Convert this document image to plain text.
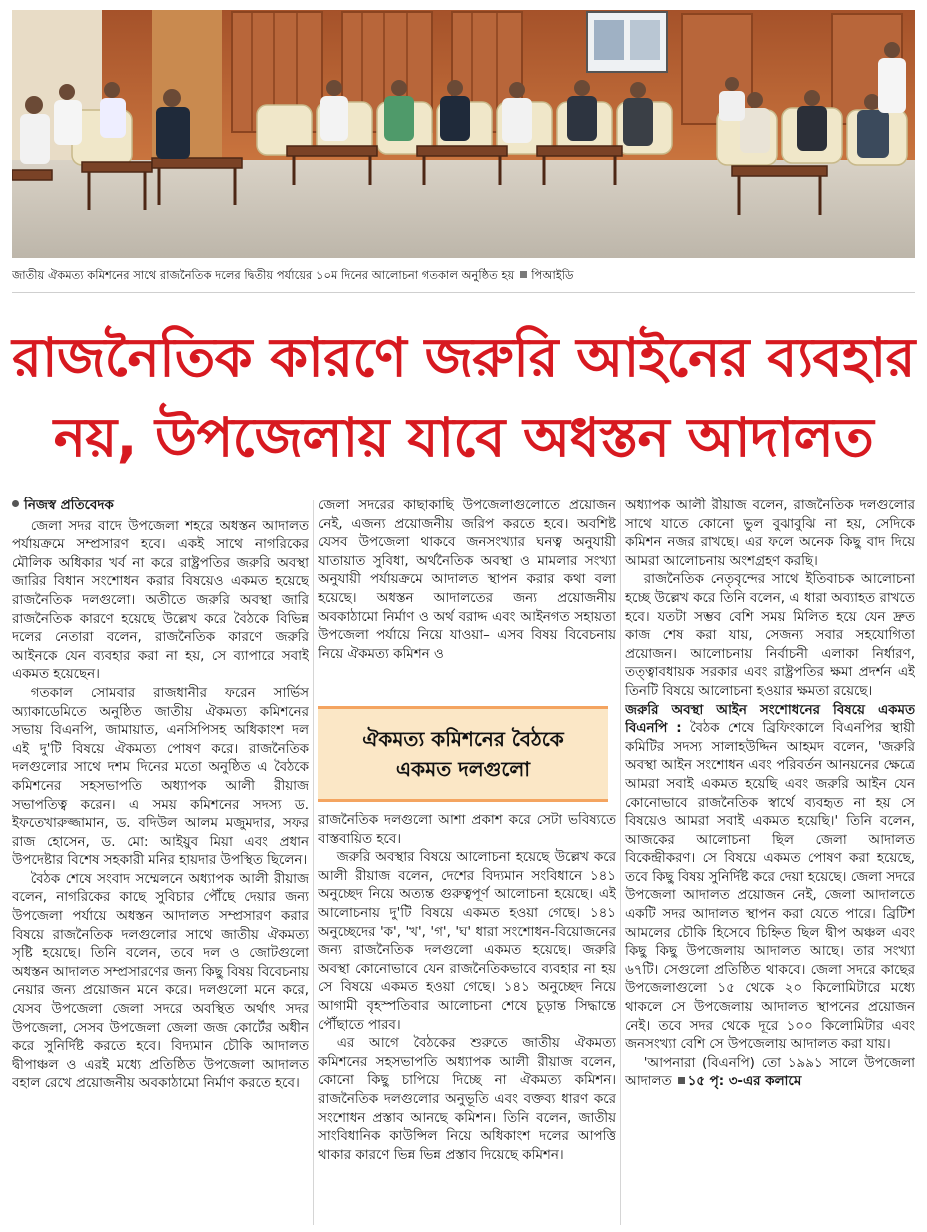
জাতীয় ঐকমত্য কমিশনের সাথে রাজনৈতিক দলের দ্বিতীয় পর্যায়ের ১০ম দিনের আলোচনা গতকাল অনুষ্ঠিত হয় পিআইডি
রাজনৈতিক কারণে জরুরি আইনের ব্যবহার
নয়, উপজেলায় যাবে অধস্তন আদালত
নিজস্ব প্রতিবেদক

জেলা সদর বাদে উপজেলা শহরে অধস্তন আদালত পর্যায়ক্রমে সম্প্রসারণ হবে। একই সাথে নাগরিকের মৌলিক অধিকার খর্ব না করে রাষ্ট্রপতির জরুরি অবস্থা জারির বিধান সংশোধন করার বিষয়েও একমত হয়েছে রাজনৈতিক দলগুলো। অতীতে জরুরি অবস্থা জারি রাজনৈতিক কারণে হয়েছে উল্লেখ করে বৈঠকে বিভিন্ন দলের নেতারা বলেন, রাজনৈতিক কারণে জরুরি আইনকে যেন ব্যবহার করা না হয়, সে ব্যাপারে সবাই একমত হয়েছেন।

গতকাল সোমবার রাজধানীর ফরেন সার্ভিস অ্যাকাডেমিতে অনুষ্ঠিত জাতীয় ঐকমত্য কমিশনের সভায় বিএনপি, জামায়াত, এনসিপিসহ অধিকাংশ দল এই দু'টি বিষয়ে ঐকমত্য পোষণ করে। রাজনৈতিক দলগুলোর সাথে দশম দিনের মতো অনুষ্ঠিত এ বৈঠকে কমিশনের সহসভাপতি অধ্যাপক আলী রীয়াজ সভাপতিত্ব করেন। এ সময় কমিশনের সদস্য ড. ইফতেখারুজ্জামান, ড. বদিউল আলম মজুমদার, সফর রাজ হোসেন, ড. মো: আইয়ুব মিয়া এবং প্রধান উপদেষ্টার বিশেষ সহকারী মনির হায়দার উপস্থিত ছিলেন।

বৈঠক শেষে সংবাদ সম্মেলনে অধ্যাপক আলী রীয়াজ বলেন, নাগরিকের কাছে সুবিচার পৌঁছে দেয়ার জন্য উপজেলা পর্যায়ে অধস্তন আদালত সম্প্রসারণ করার বিষয়ে রাজনৈতিক দলগুলোর সাথে জাতীয় ঐকমত্য সৃষ্টি হয়েছে। তিনি বলেন, তবে দল ও জোটগুলো অধস্তন আদালত সম্প্রসারণের জন্য কিছু বিষয় বিবেচনায় নেয়ার জন্য প্রয়োজন মনে করে। দলগুলো মনে করে, যেসব উপজেলা জেলা সদরে অবস্থিত অর্থাৎ সদর উপজেলা, সেসব উপজেলা জেলা জজ কোর্টের অধীন করে সুনির্দিষ্ট করতে হবে। বিদ্যমান চৌকি আদালত দ্বীপাঞ্চল ও এরই মধ্যে প্রতিষ্ঠিত উপজেলা আদালত বহাল রেখে প্রয়োজনীয় অবকাঠামো নির্মাণ করতে হবে।

জেলা সদরের কাছাকাছি উপজেলাগুলোতে প্রয়োজন নেই, এজন্য প্রয়োজনীয় জরিপ করতে হবে। অবশিষ্ট যেসব উপজেলা থাকবে জনসংখ্যার ঘনত্ব অনুযায়ী যাতায়াত সুবিধা, অর্থনৈতিক অবস্থা ও মামলার সংখ্যা অনুযায়ী পর্যায়ক্রমে আদালত স্থাপন করার কথা বলা হয়েছে। অধস্তন আদালতের জন্য প্রয়োজনীয় অবকাঠামো নির্মাণ ও অর্থ বরাদ্দ এবং আইনগত সহায়তা উপজেলা পর্যায়ে নিয়ে যাওয়া– এসব বিষয় বিবেচনায় নিয়ে ঐকমত্য কমিশন ও

ঐকমত্য কমিশনের বৈঠকে
একমত দলগুলো

রাজনৈতিক দলগুলো আশা প্রকাশ করে সেটা ভবিষ্যতে বাস্তবায়িত হবে।

জরুরি অবস্থার বিষয়ে আলোচনা হয়েছে উল্লেখ করে আলী রীয়াজ বলেন, দেশের বিদ্যমান সংবিধানে ১৪১ অনুচ্ছেদ নিয়ে অত্যন্ত গুরুত্বপূর্ণ আলোচনা হয়েছে। এই আলোচনায় দু'টি বিষয়ে একমত হওয়া গেছে। ১৪১ অনুচ্ছেদের 'ক', 'খ', 'গ', 'ঘ' ধারা সংশোধন-বিয়োজনের জন্য রাজনৈতিক দলগুলো একমত হয়েছে। জরুরি অবস্থা কোনোভাবে যেন রাজনৈতিকভাবে ব্যবহার না হয় সে বিষয়ে একমত হওয়া গেছে। ১৪১ অনুচ্ছেদ নিয়ে আগামী বৃহস্পতিবার আলোচনা শেষে চূড়ান্ত সিদ্ধান্তে পৌঁছাতে পারব।

এর আগে বৈঠকের শুরুতে জাতীয় ঐকমত্য কমিশনের সহসভাপতি অধ্যাপক আলী রীয়াজ বলেন, কোনো কিছু চাপিয়ে দিচ্ছে না ঐকমত্য কমিশন। রাজনৈতিক দলগুলোর অনুভূতি এবং বক্তব্য ধারণ করে সংশোধন প্রস্তাব আনছে কমিশন। তিনি বলেন, জাতীয় সাংবিধানিক কাউন্সিল নিয়ে অধিকাংশ দলের আপত্তি থাকার কারণে ভিন্ন ভিন্ন প্রস্তাব দিয়েছে কমিশন।

অধ্যাপক আলী রীয়াজ বলেন, রাজনৈতিক দলগুলোর সাথে যাতে কোনো ভুল বুঝাবুঝি না হয়, সেদিকে কমিশন নজর রাখছে। এর ফলে অনেক কিছু বাদ দিয়ে আমরা আলোচনায় অংশগ্রহণ করছি।

রাজনৈতিক নেতৃবৃন্দের সাথে ইতিবাচক আলোচনা হচ্ছে উল্লেখ করে তিনি বলেন, এ ধারা অব্যাহত রাখতে হবে। যতটা সম্ভব বেশি সময় মিলিত হয়ে যেন দ্রুত কাজ শেষ করা যায়, সেজন্য সবার সহযোগিতা প্রয়োজন। আলোচনায় নির্বাচনী এলাকা নির্ধারণ, তত্ত্বাবধায়ক সরকার এবং রাষ্ট্রপতির ক্ষমা প্রদর্শন এই তিনটি বিষয়ে আলোচনা হওয়ার ক্ষমতা রয়েছে।

জরুরি অবস্থা আইন সংশোধনের বিষয়ে একমত বিএনপি : বৈঠক শেষে ব্রিফিংকালে বিএনপির স্থায়ী কমিটির সদস্য সালাহউদ্দিন আহমদ বলেন, 'জরুরি অবস্থা আইন সংশোধন এবং পরিবর্তন আনয়নের ক্ষেত্রে আমরা সবাই একমত হয়েছি এবং জরুরি আইন যেন কোনোভাবে রাজনৈতিক স্বার্থে ব্যবহৃত না হয় সে বিষয়েও আমরা সবাই একমত হয়েছি।' তিনি বলেন, আজকের আলোচনা ছিল জেলা আদালত বিকেন্দ্রীকরণ। সে বিষয়ে একমত পোষণ করা হয়েছে, তবে কিছু বিষয় সুনির্দিষ্ট করে দেয়া হয়েছে। জেলা সদরে উপজেলা আদালত প্রয়োজন নেই, জেলা আদালতে একটি সদর আদালত স্থাপন করা যেতে পারে। ব্রিটিশ আমলের চৌকি হিসেবে চিহ্নিত ছিল দ্বীপ অঞ্চল এবং কিছু কিছু উপজেলায় আদালত আছে। তার সংখ্যা ৬৭টি। সেগুলো প্রতিষ্ঠিত থাকবে। জেলা সদরে কাছের উপজেলাগুলো ১৫ থেকে ২০ কিলোমিটারে মধ্যে থাকলে সে উপজেলায় আদালত স্থাপনের প্রয়োজন নেই। তবে সদর থেকে দূরে ১০০ কিলোমিটার এবং জনসংখ্যা বেশি সে উপজেলায় আদালত করা যায়।

'আপনারা (বিএনপি) তো ১৯৯১ সালে উপজেলা আদালত ১৫ পৃ: ৩-এর কলামে
